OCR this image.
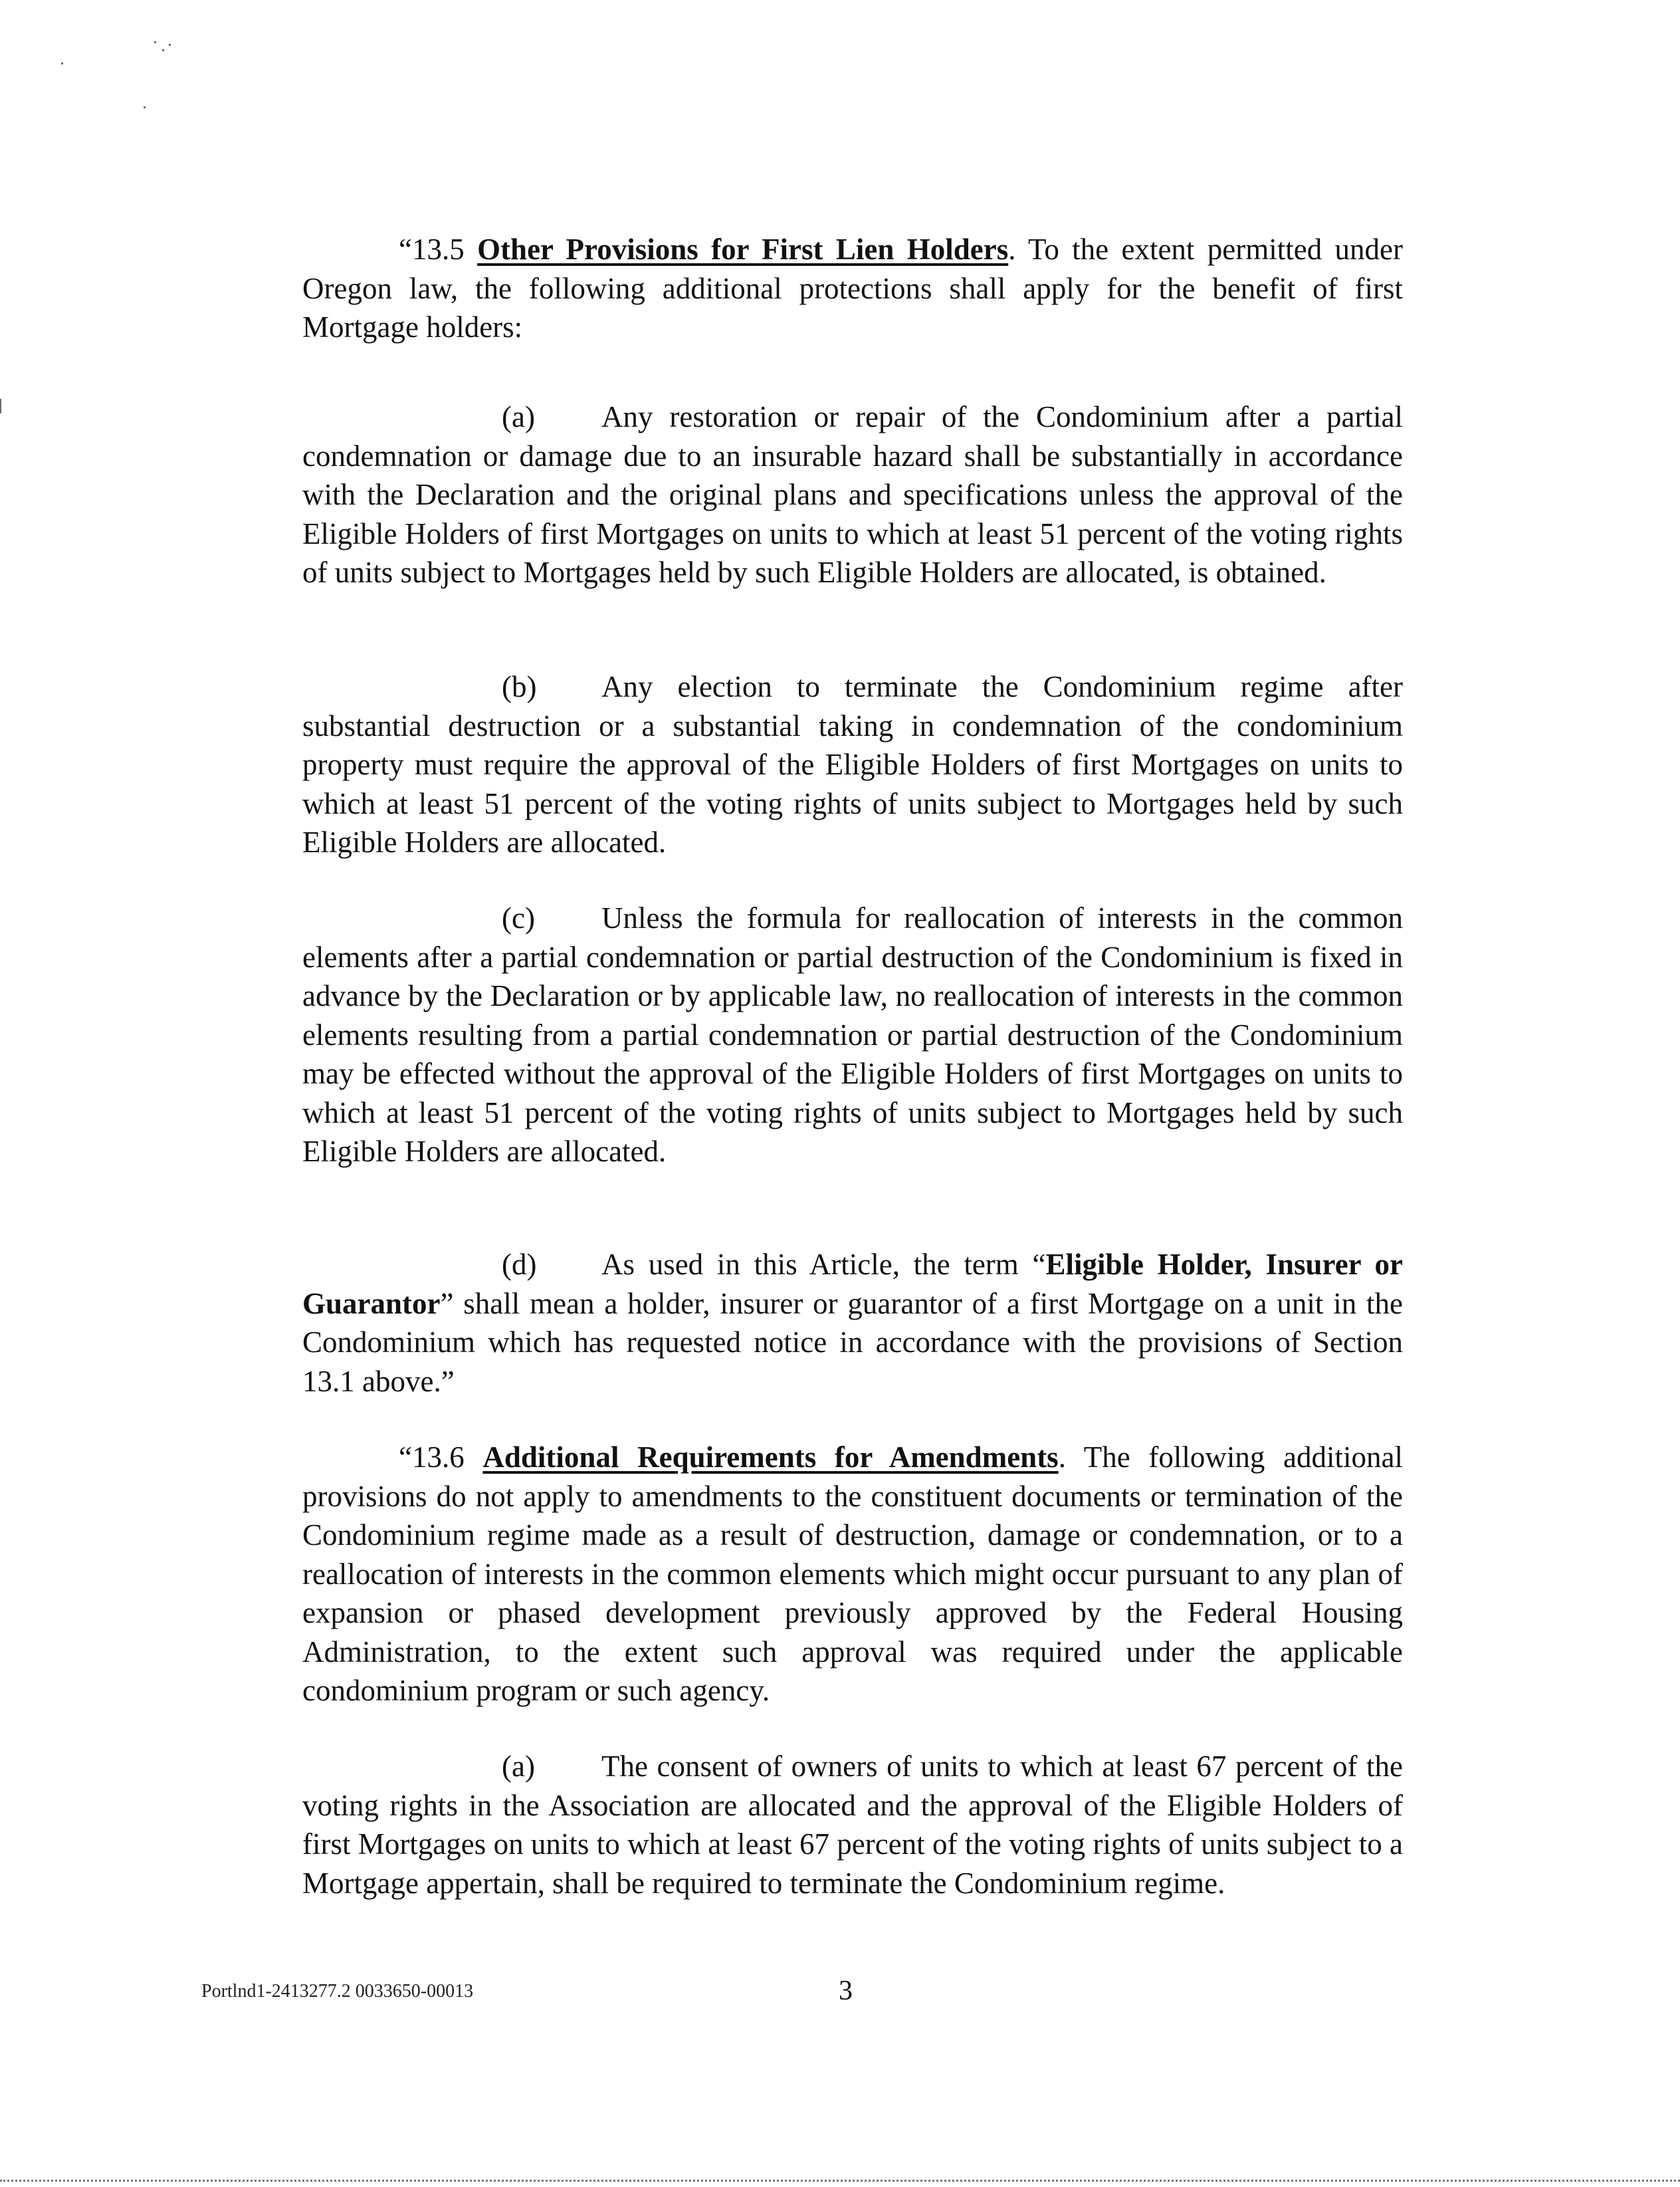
“13.5 Other Provisions for First Lien Holders. To the extent permitted under Oregon law, the following additional protections shall apply for the benefit of first Mortgage holders:

(a) Any restoration or repair of the Condominium after a partial condemnation or damage due to an insurable hazard shall be substantially in accordance with the Declaration and the original plans and specifications unless the approval of the Eligible Holders of first Mortgages on units to which at least 51 percent of the voting rights of units subject to Mortgages held by such Eligible Holders are allocated, is obtained.

(b) Any election to terminate the Condominium regime after substantial destruction or a substantial taking in condemnation of the condominium property must require the approval of the Eligible Holders of first Mortgages on units to which at least 51 percent of the voting rights of units subject to Mortgages held by such Eligible Holders are allocated.

(c) Unless the formula for reallocation of interests in the common elements after a partial condemnation or partial destruction of the Condominium is fixed in advance by the Declaration or by applicable law, no reallocation of interests in the common elements resulting from a partial condemnation or partial destruction of the Condominium may be effected without the approval of the Eligible Holders of first Mortgages on units to which at least 51 percent of the voting rights of units subject to Mortgages held by such Eligible Holders are allocated.

(d) As used in this Article, the term “Eligible Holder, Insurer or Guarantor” shall mean a holder, insurer or guarantor of a first Mortgage on a unit in the Condominium which has requested notice in accordance with the provisions of Section 13.1 above.”

“13.6 Additional Requirements for Amendments. The following additional provisions do not apply to amendments to the constituent documents or termination of the Condominium regime made as a result of destruction, damage or condemnation, or to a reallocation of interests in the common elements which might occur pursuant to any plan of expansion or phased development previously approved by the Federal Housing Administration, to the extent such approval was required under the applicable condominium program or such agency.

(a) The consent of owners of units to which at least 67 percent of the voting rights in the Association are allocated and the approval of the Eligible Holders of first Mortgages on units to which at least 67 percent of the voting rights of units subject to a Mortgage appertain, shall be required to terminate the Condominium regime.

Portlnd1-2413277.2 0033650-00013	3
